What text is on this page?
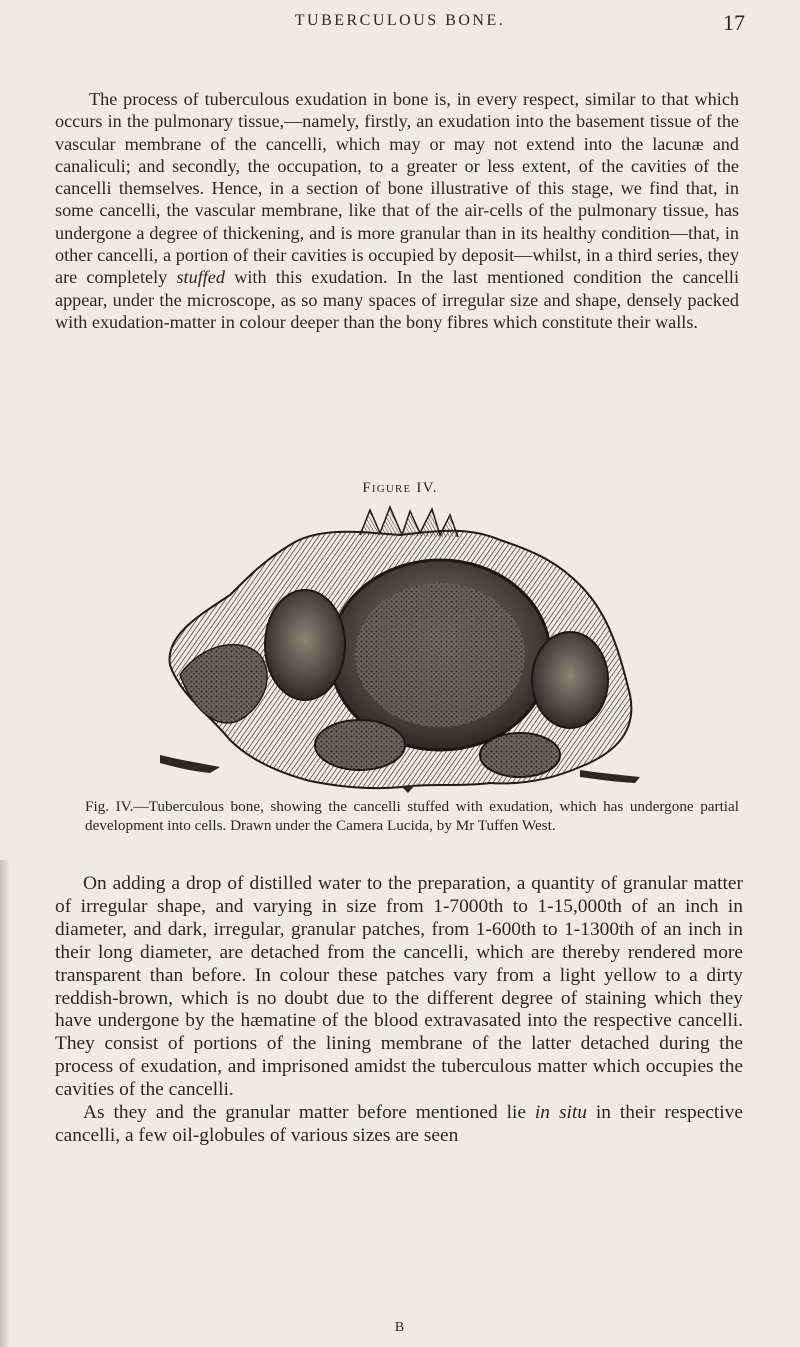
TUBERCULOUS BONE.	17
The process of tuberculous exudation in bone is, in every respect, similar to that which occurs in the pulmonary tissue,—namely, firstly, an exudation into the basement tissue of the vascular membrane of the cancelli, which may or may not extend into the lacunæ and canaliculi; and secondly, the occupation, to a greater or less extent, of the cavities of the cancelli themselves. Hence, in a section of bone illustrative of this stage, we find that, in some cancelli, the vascular membrane, like that of the air-cells of the pulmonary tissue, has undergone a degree of thickening, and is more granular than in its healthy condition—that, in other cancelli, a portion of their cavities is occupied by deposit—whilst, in a third series, they are completely stuffed with this exudation. In the last mentioned condition the cancelli appear, under the microscope, as so many spaces of irregular size and shape, densely packed with exudation-matter in colour deeper than the bony fibres which constitute their walls.
Figure IV.
Fig. IV.—Tuberculous bone, showing the cancelli stuffed with exudation, which has undergone partial development into cells. Drawn under the Camera Lucida, by Mr Tuffen West.

On adding a drop of distilled water to the preparation, a quantity of granular matter of irregular shape, and varying in size from 1-7000th to 1-15,000th of an inch in diameter, and dark, irregular, granular patches, from 1-600th to 1-1300th of an inch in their long diameter, are detached from the cancelli, which are thereby rendered more transparent than before. In colour these patches vary from a light yellow to a dirty reddish-brown, which is no doubt due to the different degree of staining which they have undergone by the hæmatine of the blood extravasated into the respective cancelli. They consist of portions of the lining membrane of the latter detached during the process of exudation, and imprisoned amidst the tuberculous matter which occupies the cavities of the cancelli.

As they and the granular matter before mentioned lie in situ in their respective cancelli, a few oil-globules of various sizes are seen

B
